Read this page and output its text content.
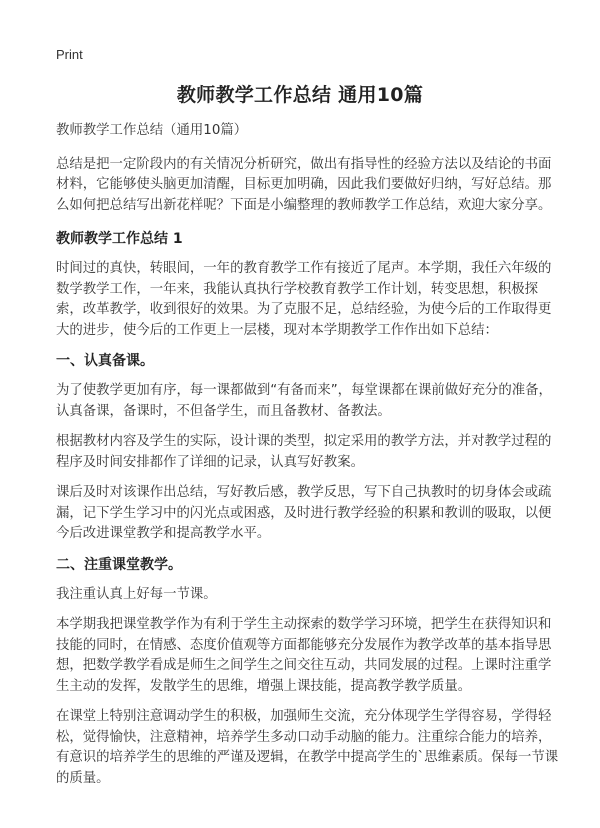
Print
教师教学工作总结 通用10篇

教师教学工作总结（通用10篇）

总结是把一定阶段内的有关情况分析研究，做出有指导性的经验方法以及结论的书面材料，它能够使头脑更加清醒，目标更加明确，因此我们要做好归纳，写好总结。那么如何把总结写出新花样呢？下面是小编整理的教师教学工作总结，欢迎大家分享。

教师教学工作总结 1

时间过的真快，转眼间，一年的教育教学工作有接近了尾声。本学期，我任六年级的数学教学工作，一年来，我能认真执行学校教育教学工作计划，转变思想，积极探索，改革教学，收到很好的效果。为了克服不足，总结经验，为使今后的工作取得更大的进步，使今后的工作更上一层楼，现对本学期教学工作作出如下总结：

一、认真备课。

为了使教学更加有序，每一课都做到“有备而来”，每堂课都在课前做好充分的准备，认真备课，备课时，不但备学生，而且备教材、备教法。

根据教材内容及学生的实际，设计课的类型，拟定采用的教学方法，并对教学过程的程序及时间安排都作了详细的记录，认真写好教案。

课后及时对该课作出总结，写好教后感，教学反思，写下自己执教时的切身体会或疏漏，记下学生学习中的闪光点或困惑，及时进行教学经验的积累和教训的吸取，以便今后改进课堂教学和提高教学水平。

二、注重课堂教学。

我注重认真上好每一节课。

本学期我把课堂教学作为有利于学生主动探索的数学学习环境，把学生在获得知识和技能的同时，在情感、态度价值观等方面都能够充分发展作为教学改革的基本指导思想，把数学教学看成是师生之间学生之间交往互动，共同发展的过程。上课时注重学生主动的发挥，发散学生的思维，增强上课技能，提高教学教学质量。

在课堂上特别注意调动学生的积极，加强师生交流，充分体现学生学得容易，学得轻松，觉得愉快，注意精神，培养学生多动口动手动脑的能力。注重综合能力的培养，有意识的培养学生的思维的严谨及逻辑，在教学中提高学生的`思维素质。保每一节课的质量。
